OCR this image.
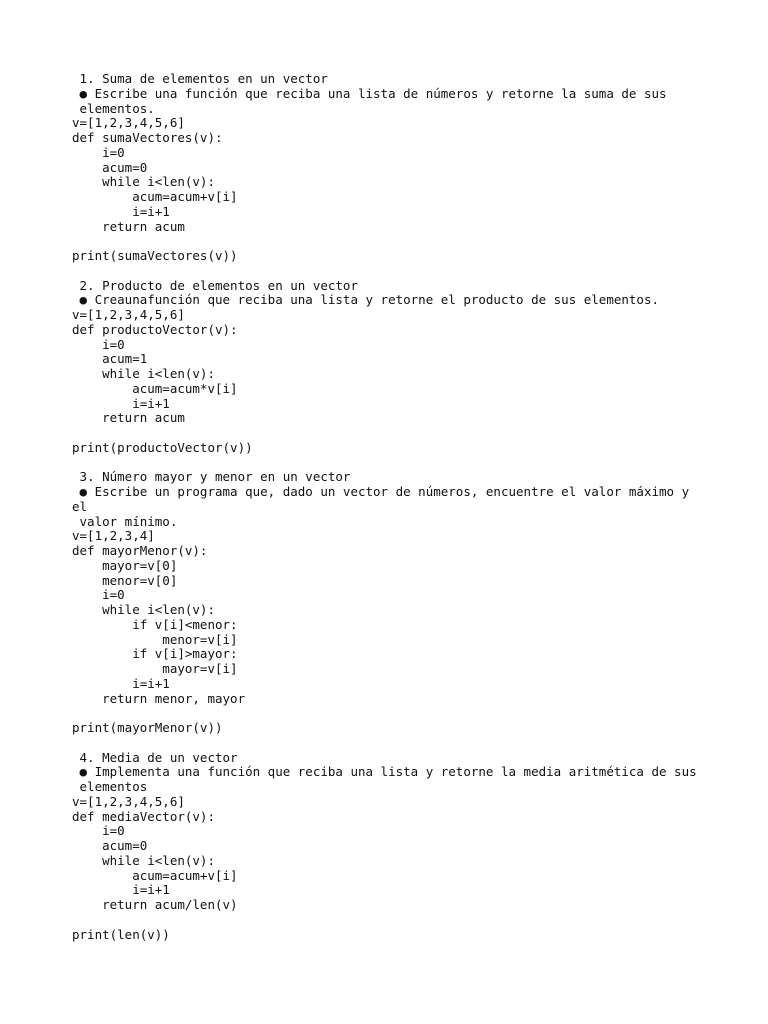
1. Suma de elementos en un vector
● Escribe una función que reciba una lista de números y retorne la suma de sus
elementos.
v=[1,2,3,4,5,6]
def sumaVectores(v):
i=0
acum=0
while i<len(v):
acum=acum+v[i]
i=i+1
return acum
print(sumaVectores(v))
2. Producto de elementos en un vector
● Creaunafunción que reciba una lista y retorne el producto de sus elementos.
v=[1,2,3,4,5,6]
def productoVector(v):
i=0
acum=1
while i<len(v):
acum=acum*v[i]
i=i+1
return acum
print(productoVector(v))
3. Número mayor y menor en un vector
● Escribe un programa que, dado un vector de números, encuentre el valor máximo y
el
valor mínimo.
v=[1,2,3,4]
def mayorMenor(v):
mayor=v[0]
menor=v[0]
i=0
while i<len(v):
if v[i]<menor:
menor=v[i]
if v[i]>mayor:
mayor=v[i]
i=i+1
return menor, mayor
print(mayorMenor(v))
4. Media de un vector
● Implementa una función que reciba una lista y retorne la media aritmética de sus
elementos
v=[1,2,3,4,5,6]
def mediaVector(v):
i=0
acum=0
while i<len(v):
acum=acum+v[i]
i=i+1
return acum/len(v)
print(len(v))
